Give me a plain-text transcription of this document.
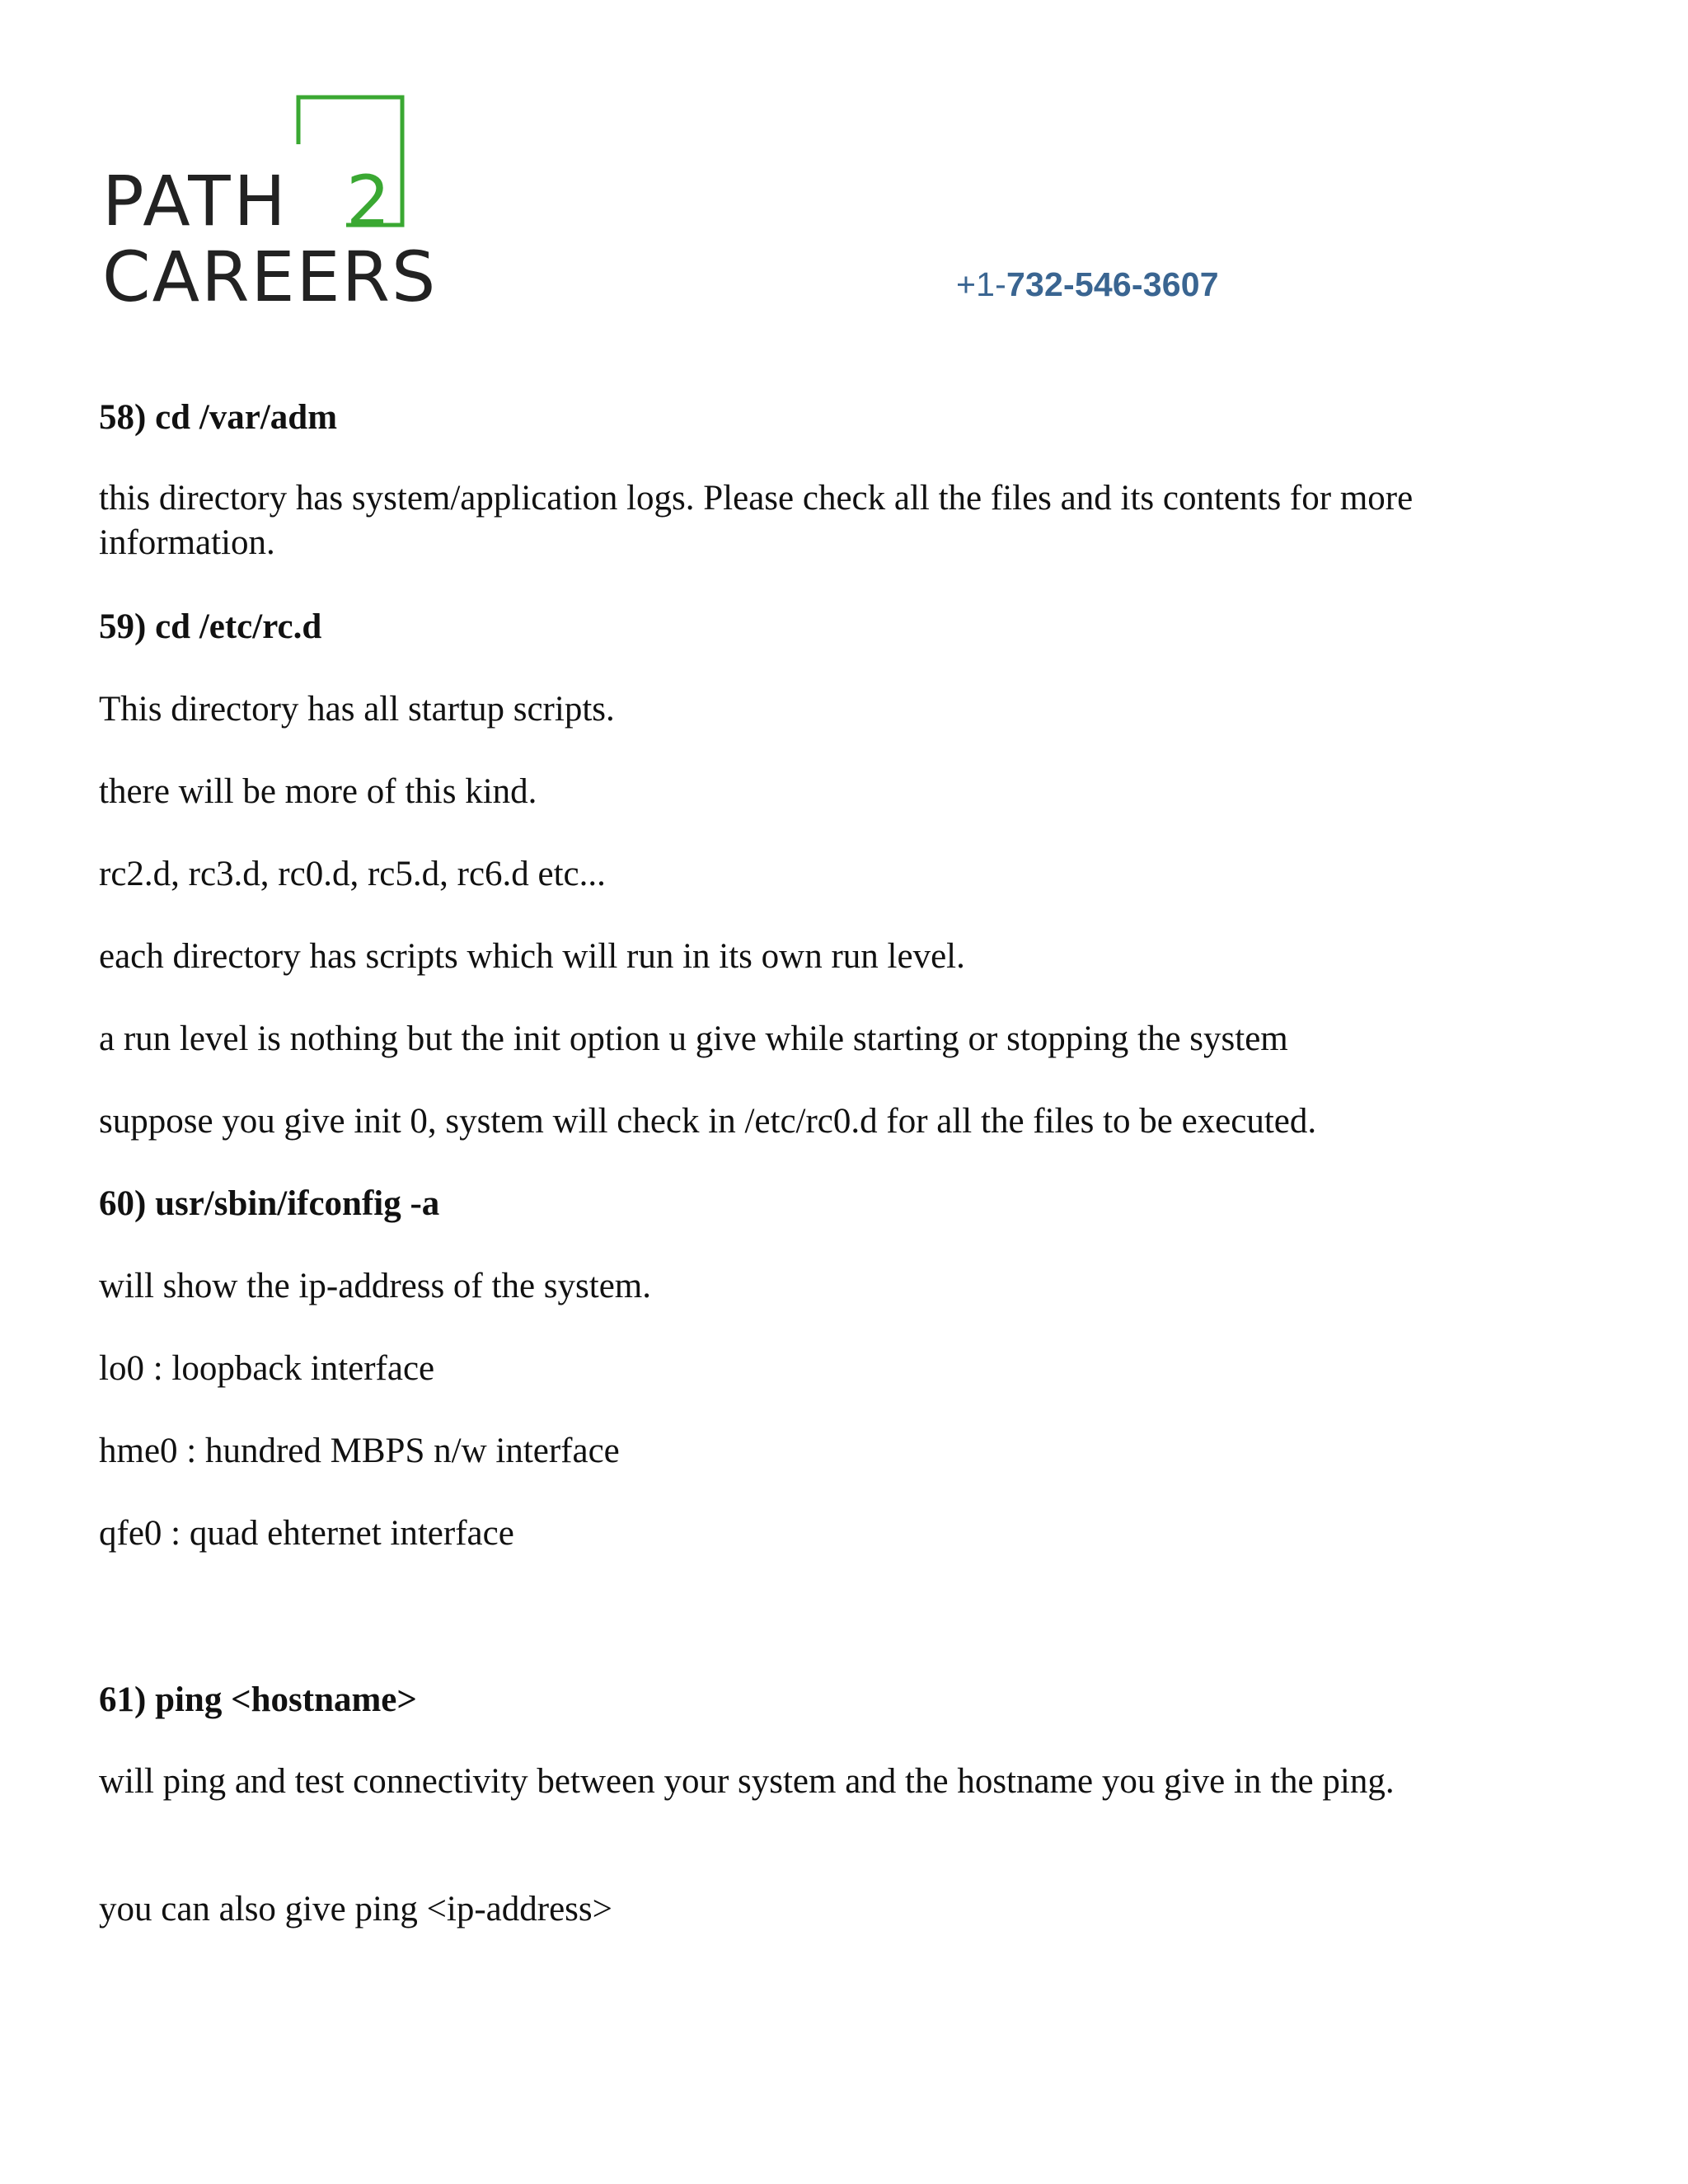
PATH 2
CAREERS	+1-732-546-3607
58) cd /var/adm
this directory has system/application logs. Please check all the files and its contents for more information.
59) cd /etc/rc.d
This directory has all startup scripts.
there will be more of this kind.
rc2.d, rc3.d, rc0.d, rc5.d, rc6.d etc...
each directory has scripts which will run in its own run level.
a run level is nothing but the init option u give while starting or stopping the system
suppose you give init 0, system will check in /etc/rc0.d for all the files to be executed.
60) usr/sbin/ifconfig -a
will show the ip-address of the system.
lo0 : loopback interface
hme0 : hundred MBPS n/w interface
qfe0 : quad ehternet interface
61) ping <hostname>
will ping and test connectivity between your system and the hostname you give in the ping.
you can also give ping <ip-address>
